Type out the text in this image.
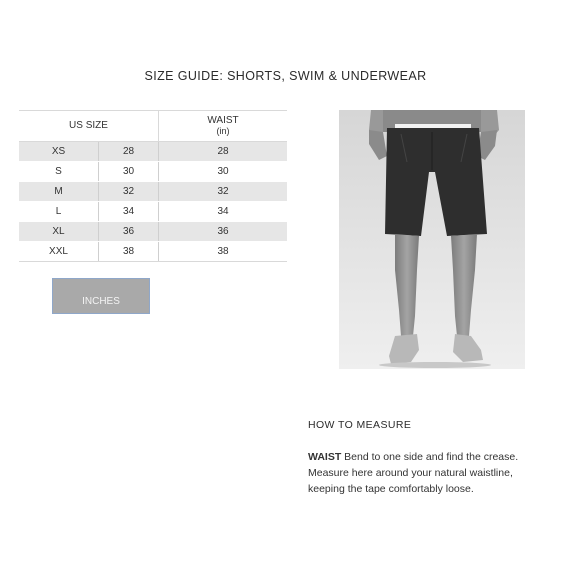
SIZE GUIDE: SHORTS, SWIM & UNDERWEAR
US SIZE		WAIST
(in)

XS	28	28
S	30	30
M	32	32
L	34	34
XL	36	36
XXL	38	38
INCHES
HOW TO MEASURE
WAIST Bend to one side and find the crease. Measure here around your natural waistline, keeping the tape comfortably loose.
